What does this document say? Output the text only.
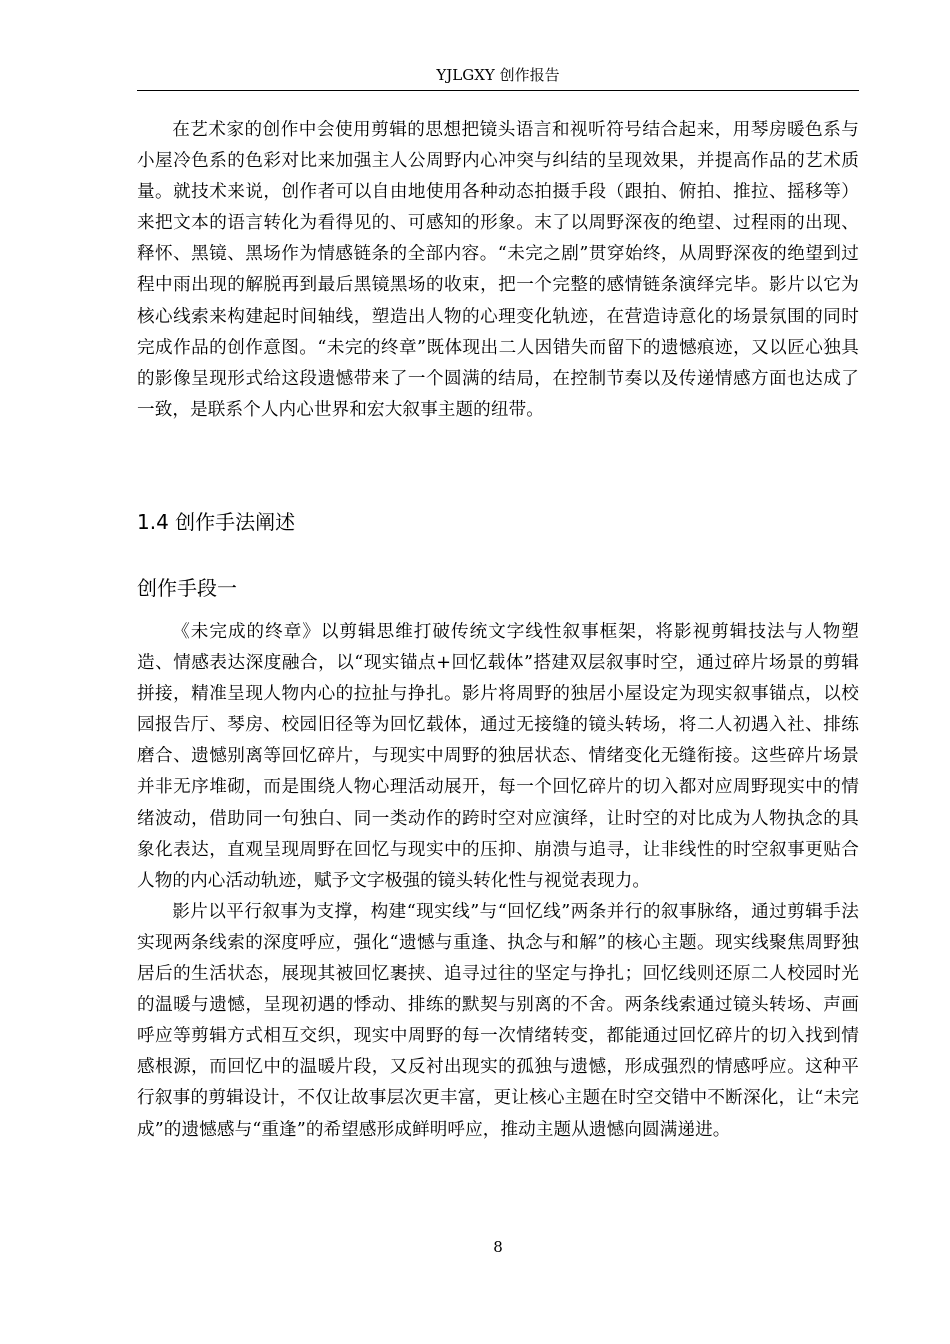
YJLGXY 创作报告

在艺术家的创作中会使用剪辑的思想把镜头语言和视听符号结合起来，用琴房暖色系与小屋冷色系的色彩对比来加强主人公周野内心冲突与纠结的呈现效果，并提高作品的艺术质量。就技术来说，创作者可以自由地使用各种动态拍摄手段（跟拍、俯拍、推拉、摇移等）来把文本的语言转化为看得见的、可感知的形象。末了以周野深夜的绝望、过程雨的出现、释怀、黑镜、黑场作为情感链条的全部内容。“未完之剧”贯穿始终，从周野深夜的绝望到过程中雨出现的解脱再到最后黑镜黑场的收束，把一个完整的感情链条演绎完毕。影片以它为核心线索来构建起时间轴线，塑造出人物的心理变化轨迹，在营造诗意化的场景氛围的同时完成作品的创作意图。“未完的终章”既体现出二人因错失而留下的遗憾痕迹，又以匠心独具的影像呈现形式给这段遗憾带来了一个圆满的结局，在控制节奏以及传递情感方面也达成了一致，是联系个人内心世界和宏大叙事主题的纽带。

1.4 创作手法阐述
创作手段一

《未完成的终章》以剪辑思维打破传统文字线性叙事框架，将影视剪辑技法与人物塑造、情感表达深度融合，以“现实锚点+回忆载体”搭建双层叙事时空，通过碎片场景的剪辑拼接，精准呈现人物内心的拉扯与挣扎。影片将周野的独居小屋设定为现实叙事锚点，以校园报告厅、琴房、校园旧径等为回忆载体，通过无接缝的镜头转场，将二人初遇入社、排练磨合、遗憾别离等回忆碎片，与现实中周野的独居状态、情绪变化无缝衔接。这些碎片场景并非无序堆砌，而是围绕人物心理活动展开，每一个回忆碎片的切入都对应周野现实中的情绪波动，借助同一句独白、同一类动作的跨时空对应演绎，让时空的对比成为人物执念的具象化表达，直观呈现周野在回忆与现实中的压抑、崩溃与追寻，让非线性的时空叙事更贴合人物的内心活动轨迹，赋予文字极强的镜头转化性与视觉表现力。

影片以平行叙事为支撑，构建“现实线”与“回忆线”两条并行的叙事脉络，通过剪辑手法实现两条线索的深度呼应，强化“遗憾与重逢、执念与和解”的核心主题。现实线聚焦周野独居后的生活状态，展现其被回忆裹挟、追寻过往的坚定与挣扎；回忆线则还原二人校园时光的温暖与遗憾，呈现初遇的悸动、排练的默契与别离的不舍。两条线索通过镜头转场、声画呼应等剪辑方式相互交织，现实中周野的每一次情绪转变，都能通过回忆碎片的切入找到情感根源，而回忆中的温暖片段，又反衬出现实的孤独与遗憾，形成强烈的情感呼应。这种平行叙事的剪辑设计，不仅让故事层次更丰富，更让核心主题在时空交错中不断深化，让“未完成”的遗憾感与“重逢”的希望感形成鲜明呼应，推动主题从遗憾向圆满递进。

8
